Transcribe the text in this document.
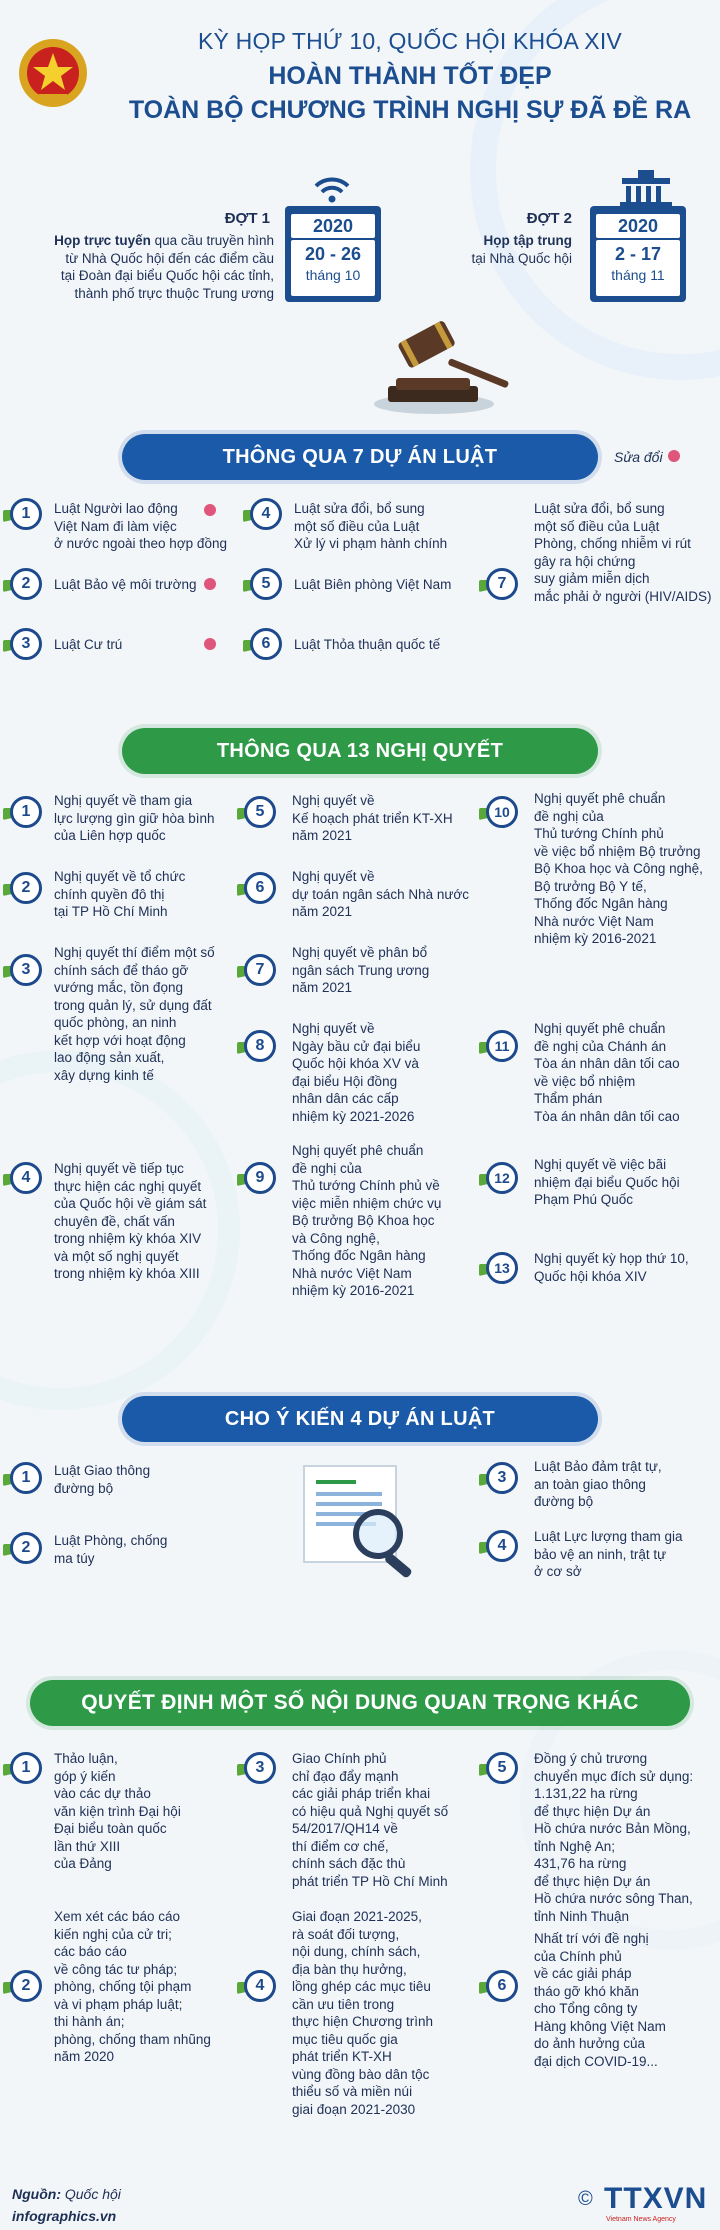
KỲ HỌP THỨ 10, QUỐC HỘI KHÓA XIV
HOÀN THÀNH TỐT ĐẸP
TOÀN BỘ CHƯƠNG TRÌNH NGHỊ SỰ ĐÃ ĐỀ RA
ĐỢT 1
Họp trực tuyến qua cầu truyền hình
từ Nhà Quốc hội đến các điểm cầu
tại Đoàn đại biểu Quốc hội các tỉnh,
thành phố trực thuộc Trung ương
2020
20 - 26
tháng 10
ĐỢT 2
Họp tập trung
tại Nhà Quốc hội
2020
2 - 17
tháng 11
THÔNG QUA 7 DỰ ÁN LUẬT	Sửa đổi
1 Luật Người lao động
Việt Nam đi làm việc
ở nước ngoài theo hợp đồng
2 Luật Bảo vệ môi trường
3 Luật Cư trú
4 Luật sửa đổi, bổ sung
một số điều của Luật
Xử lý vi phạm hành chính
5 Luật Biên phòng Việt Nam
6 Luật Thỏa thuận quốc tế
7
Luật sửa đổi, bổ sung
một số điều của Luật
Phòng, chống nhiễm vi rút
gây ra hội chứng
suy giảm miễn dịch
mắc phải ở người (HIV/AIDS)
THÔNG QUA 13 NGHỊ QUYẾT
1
Nghị quyết về tham gia
lực lượng gìn giữ hòa bình
của Liên hợp quốc
2
Nghị quyết về tổ chức
chính quyền đô thị
tại TP Hồ Chí Minh
3
Nghị quyết thí điểm một số
chính sách để tháo gỡ
vướng mắc, tồn đọng
trong quản lý, sử dụng đất
quốc phòng, an ninh
kết hợp với hoạt động
lao động sản xuất,
xây dựng kinh tế
4
Nghị quyết về tiếp tục
thực hiện các nghị quyết
của Quốc hội về giám sát
chuyên đề, chất vấn
trong nhiệm kỳ khóa XIV
và một số nghị quyết
trong nhiệm kỳ khóa XIII
5
Nghị quyết về
Kế hoạch phát triển KT-XH
năm 2021
6
Nghị quyết về
dự toán ngân sách Nhà nước
năm 2021
7
Nghị quyết về phân bổ
ngân sách Trung ương
năm 2021
8
Nghị quyết về
Ngày bầu cử đại biểu
Quốc hội khóa XV và
đại biểu Hội đồng
nhân dân các cấp
nhiệm kỳ 2021-2026
9
Nghị quyết phê chuẩn
đề nghị của
Thủ tướng Chính phủ về
việc miễn nhiệm chức vụ
Bộ trưởng Bộ Khoa học
và Công nghệ,
Thống đốc Ngân hàng
Nhà nước Việt Nam
nhiệm kỳ 2016-2021
10
Nghị quyết phê chuẩn
đề nghị của
Thủ tướng Chính phủ
về việc bổ nhiệm Bộ trưởng
Bộ Khoa học và Công nghệ,
Bộ trưởng Bộ Y tế,
Thống đốc Ngân hàng
Nhà nước Việt Nam
nhiệm kỳ 2016-2021
11
Nghị quyết phê chuẩn
đề nghị của Chánh án
Tòa án nhân dân tối cao
về việc bổ nhiệm
Thẩm phán
Tòa án nhân dân tối cao
12
Nghị quyết về việc bãi
nhiệm đại biểu Quốc hội
Phạm Phú Quốc
13
Nghị quyết kỳ họp thứ 10,
Quốc hội khóa XIV
CHO Ý KIẾN 4 DỰ ÁN LUẬT
1 Luật Giao thông
đường bộ
2 Luật Phòng, chống
ma túy
3
Luật Bảo đảm trật tự,
an toàn giao thông
đường bộ
4
Luật Lực lượng tham gia
bảo vệ an ninh, trật tự
ở cơ sở
QUYẾT ĐỊNH MỘT SỐ NỘI DUNG QUAN TRỌNG KHÁC
1
Thảo luận,
góp ý kiến
vào các dự thảo
văn kiện trình Đại hội
Đại biểu toàn quốc
lần thứ XIII
của Đảng
2
Xem xét các báo cáo
kiến nghị của cử tri;
các báo cáo
về công tác tư pháp;
phòng, chống tội phạm
và vi phạm pháp luật;
thi hành án;
phòng, chống tham nhũng
năm 2020
3
Giao Chính phủ
chỉ đạo đẩy mạnh
các giải pháp triển khai
có hiệu quả Nghị quyết số
54/2017/QH14 về
thí điểm cơ chế,
chính sách đặc thù
phát triển TP Hồ Chí Minh
4
Giai đoạn 2021-2025,
rà soát đối tượng,
nội dung, chính sách,
địa bàn thụ hưởng,
lồng ghép các mục tiêu
cần ưu tiên trong
thực hiện Chương trình
mục tiêu quốc gia
phát triển KT-XH
vùng đồng bào dân tộc
thiểu số và miền núi
giai đoạn 2021-2030
5
Đồng ý chủ trương
chuyển mục đích sử dụng:
1.131,22 ha rừng
để thực hiện Dự án
Hồ chứa nước Bản Mồng,
tỉnh Nghệ An;
431,76 ha rừng
để thực hiện Dự án
Hồ chứa nước sông Than,
tỉnh Ninh Thuận
6
Nhất trí với đề nghị
của Chính phủ
về các giải pháp
tháo gỡ khó khăn
cho Tổng công ty
Hàng không Việt Nam
do ảnh hưởng của
đại dịch COVID-19...
Nguồn: Quốc hội
infographics.vn
© TTXVN
Vietnam News Agency
